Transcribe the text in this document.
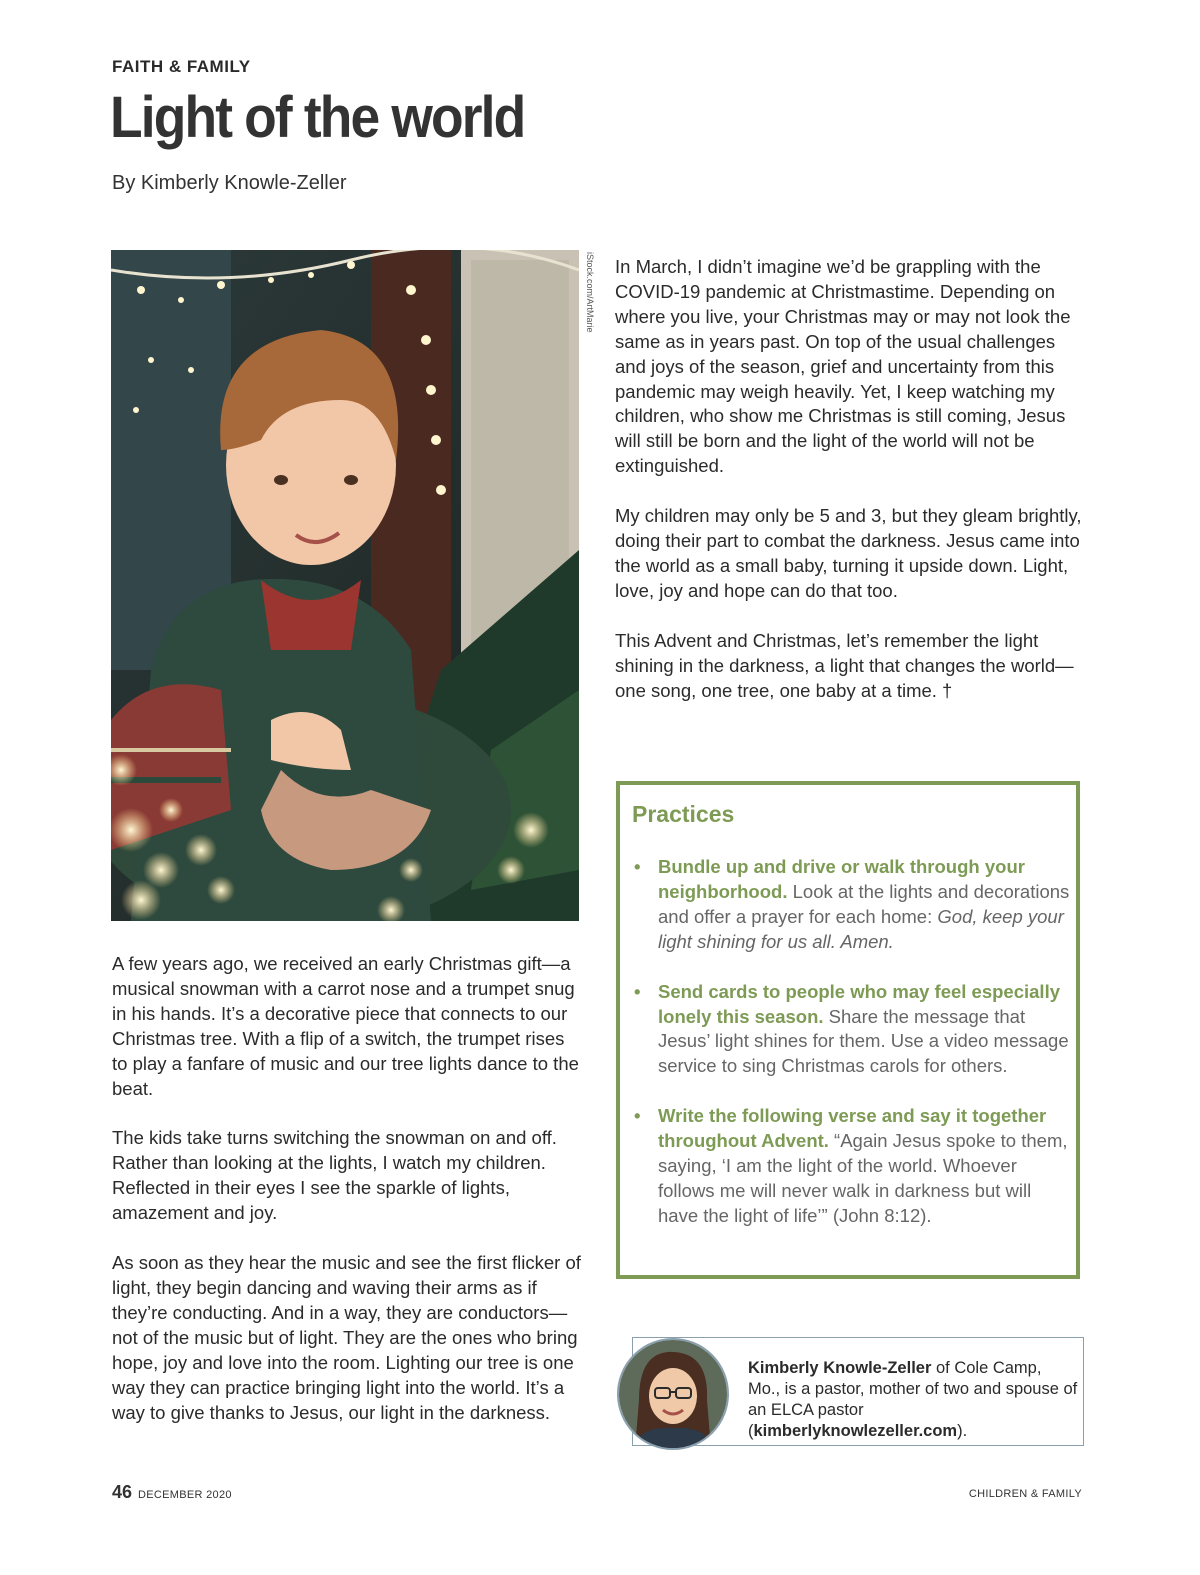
FAITH & FAMILY
Light of the world
By Kimberly Knowle-Zeller
iStock.com/ArtMarie In March, I didn’t imagine we’d be grappling with the COVID-19 pandemic at Christmastime. Depending on where you live, your Christmas may or may not look the same as in years past. On top of the usual challenges and joys of the season, grief and uncertainty from this pandemic may weigh heavily. Yet, I keep watching my children, who show me Christmas is still coming, Jesus will still be born and the light of the world will not be extinguished.

My children may only be 5 and 3, but they gleam brightly, doing their part to combat the darkness. Jesus came into the world as a small baby, turning it upside down. Light, love, joy and hope can do that too.

This Advent and Christmas, let’s remember the light shining in the darkness, a light that changes the world—one song, one tree, one baby at a time. †

A few years ago, we received an early Christmas gift—a musical snowman with a carrot nose and a trumpet snug in his hands. It’s a decorative piece that connects to our Christmas tree. With a flip of a switch, the trumpet rises to play a fanfare of music and our tree lights dance to the beat.

The kids take turns switching the snowman on and off. Rather than looking at the lights, I watch my children. Reflected in their eyes I see the sparkle of lights, amazement and joy.

As soon as they hear the music and see the first flicker of light, they begin dancing and waving their arms as if they’re conducting. And in a way, they are conductors—not of the music but of light. They are the ones who bring hope, joy and love into the room. Lighting our tree is one way they can practice bringing light into the world. It’s a way to give thanks to Jesus, our light in the darkness.

Practices
• Bundle up and drive or walk through your neighborhood. Look at the lights and decorations and offer a prayer for each home: God, keep your light shining for us all. Amen.
• Send cards to people who may feel especially lonely this season. Share the message that Jesus’ light shines for them. Use a video message service to sing Christmas carols for others.
• Write the following verse and say it together throughout Advent. “Again Jesus spoke to them, saying, ‘I am the light of the world. Whoever follows me will never walk in darkness but will have the light of life’” (John 8:12).
Kimberly Knowle-Zeller of Cole Camp, Mo., is a pastor, mother of two and spouse of an ELCA pastor (kimberlyknowlezeller.com).
46 DECEMBER 2020	CHILDREN & FAMILY
